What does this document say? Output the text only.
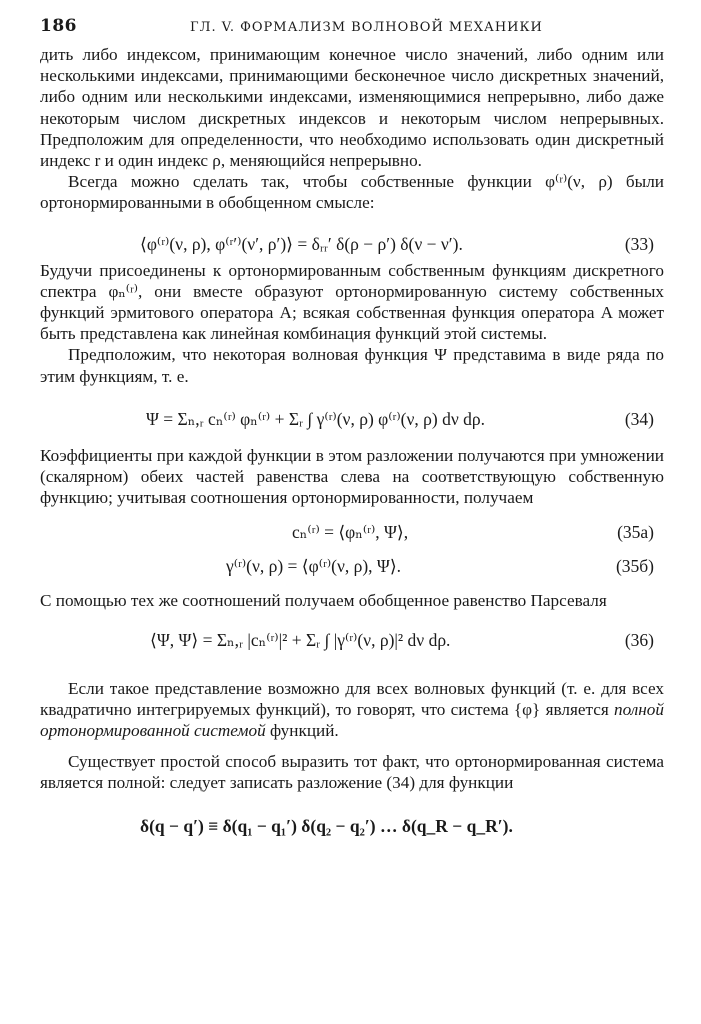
186	ГЛ. V. ФОРМАЛИЗМ ВОЛНОВОЙ МЕХАНИКИ

дить либо индексом, принимающим конечное число значений, либо одним или несколькими индексами, принимающими бесконечное число дискретных значений, либо одним или несколькими индексами, изменяющимися непрерывно, либо даже некоторым числом дискретных индексов и некоторым числом непрерывных. Предположим для определенности, что необходимо использовать один дискретный индекс r и один индекс ρ, меняющийся непрерывно.

Всегда можно сделать так, чтобы собственные функции φ⁽ʳ⁾(ν, ρ) были ортонормированными в обобщенном смысле:

⟨φ⁽ʳ⁾(ν, ρ), φ⁽ʳ′⁾(ν′, ρ′)⟩ = δᵣᵣ′ δ(ρ − ρ′) δ(ν − ν′).	(33)

Будучи присоединены к ортонормированным собственным функциям дискретного спектра φₙ⁽ʳ⁾, они вместе образуют ортонормированную систему собственных функций эрмитового оператора A; всякая собственная функция оператора A может быть представлена как линейная комбинация функций этой системы.

Предположим, что некоторая волновая функция Ψ представима в виде ряда по этим функциям, т. е.

Ψ = Σₙ,ᵣ cₙ⁽ʳ⁾ φₙ⁽ʳ⁾ + Σᵣ ∫ γ⁽ʳ⁾(ν, ρ) φ⁽ʳ⁾(ν, ρ) dν dρ.	(34)

Коэффициенты при каждой функции в этом разложении получаются при умножении (скалярном) обеих частей равенства слева на соответствующую собственную функцию; учитывая соотношения ортонормированности, получаем

cₙ⁽ʳ⁾ = ⟨φₙ⁽ʳ⁾, Ψ⟩,	(35а)
γ⁽ʳ⁾(ν, ρ) = ⟨φ⁽ʳ⁾(ν, ρ), Ψ⟩.	(35б)

С помощью тех же соотношений получаем обобщенное равенство Парсеваля

⟨Ψ, Ψ⟩ = Σₙ,ᵣ |cₙ⁽ʳ⁾|² + Σᵣ ∫ |γ⁽ʳ⁾(ν, ρ)|² dν dρ.	(36)

Если такое представление возможно для всех волновых функций (т. е. для всех квадратично интегрируемых функций), то говорят, что система {φ} является полной ортонормированной системой функций.

Существует простой способ выразить тот факт, что ортонормированная система является полной: следует записать разложение (34) для функции

δ(q − q′) ≡ δ(q₁ − q₁′) δ(q₂ − q₂′) … δ(q_R − q_R′).
